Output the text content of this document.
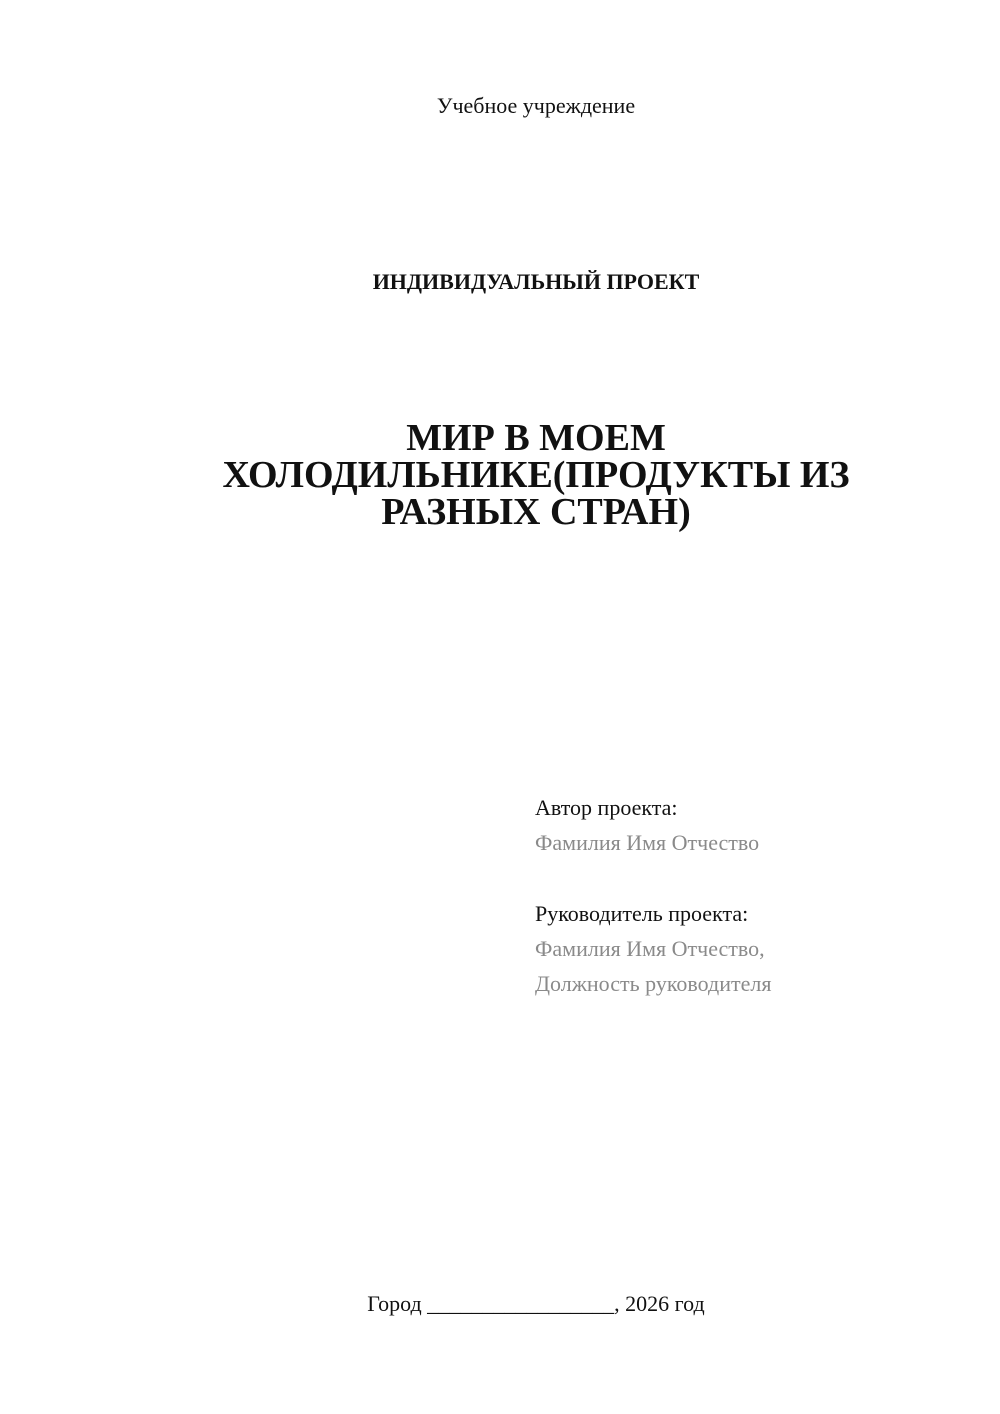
Учебное учреждение
ИНДИВИДУАЛЬНЫЙ ПРОЕКТ
МИР В МОЕМ
ХОЛОДИЛЬНИКЕ(ПРОДУКТЫ ИЗ
РАЗНЫХ СТРАН)
Автор проекта:
Фамилия Имя Отчество
Руководитель проекта:
Фамилия Имя Отчество,
Должность руководителя
Город _________________, 2026 год
